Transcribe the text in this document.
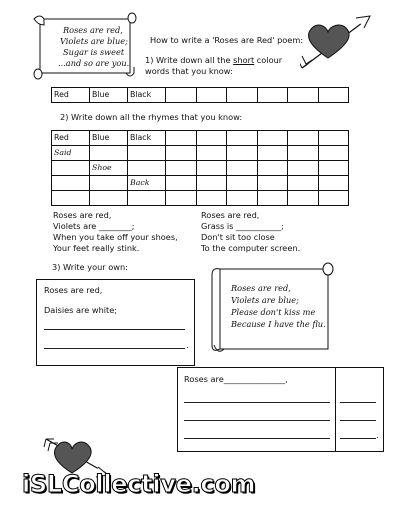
Roses are red,
Violets are blue;
Sugar is sweet
...and so are you.
How to write a 'Roses are Red' poem:
1) Write down all the short colour
words that you know:
Red	Blue	Black						
2) Write down all the rhymes that you know:
Red	Blue	Black						
Said								
	Shoe							
		Back						

Roses are red,
Violets are ________;
When you take off your shoes,
Your feet really stink.
Roses are red,
Grass is ___________;
Don't sit too close
To the computer screen.
3) Write your own:
Roses are red,
Daisies are white;
.
Roses are red,
Violets are blue;
Please don't kiss me
Because I have the flu.
Roses are_______________,
.
iSLCollective.com
